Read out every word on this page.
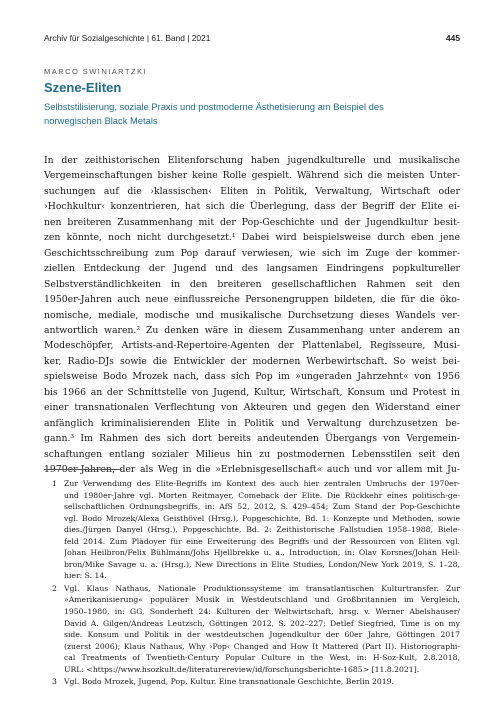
Archiv für Sozialgeschichte | 61. Band | 2021	445
MARCO SWINIARTZKI
Szene-Eliten
Selbststilisierung, soziale Praxis und postmoderne Ästhetisierung am Beispiel des
norwegischen Black Metals
In der zeithistorischen Elitenforschung haben jugendkulturelle und musikalische
Vergemeinschaftungen bisher keine Rolle gespielt. Während sich die meisten Unter-
suchungen auf die ›klassischen‹ Eliten in Politik, Verwaltung, Wirtschaft oder
›Hochkultur‹ konzentrieren, hat sich die Überlegung, dass der Begriff der Elite ei-
nen breiteren Zusammenhang mit der Pop-Geschichte und der Jugendkultur besit-
zen könnte, noch nicht durchgesetzt.¹ Dabei wird beispielsweise durch eben jene
Geschichtsschreibung zum Pop darauf verwiesen, wie sich im Zuge der kommer-
ziellen Entdeckung der Jugend und des langsamen Eindringens popkultureller
Selbstverständlichkeiten in den breiteren gesellschaftlichen Rahmen seit den
1950er-Jahren auch neue einflussreiche Personengruppen bildeten, die für die öko-
nomische, mediale, modische und musikalische Durchsetzung dieses Wandels ver-
antwortlich waren.² Zu denken wäre in diesem Zusammenhang unter anderem an
Modeschöpfer, Artists-and-Repertoire-Agenten der Plattenlabel, Regisseure, Musi-
ker, Radio-DJs sowie die Entwickler der modernen Werbewirtschaft. So weist bei-
spielsweise Bodo Mrozek nach, dass sich Pop im »ungeraden Jahrzehnt« von 1956
bis 1966 an der Schnittstelle von Jugend, Kultur, Wirtschaft, Konsum und Protest in
einer transnationalen Verflechtung von Akteuren und gegen den Widerstand einer
anfänglich kriminalisierenden Elite in Politik und Verwaltung durchzusetzen be-
gann.³ Im Rahmen des sich dort bereits andeutenden Übergangs von Vergemein-
schaftungen entlang sozialer Milieus hin zu postmodernen Lebensstilen seit den
1970er-Jahren, der als Weg in die »Erlebnisgesellschaft« auch und vor allem mit Ju-
1 Zur Verwendung des Elite-Begriffs im Kontext des auch hier zentralen Umbruchs der 1970er-
und 1980er-Jahre vgl. Morten Reitmayer, Comeback der Elite. Die Rückkehr eines politisch-ge-
sellschaftlichen Ordnungsbegriffs, in: AfS 52, 2012, S. 429–454; Zum Stand der Pop-Geschichte
vgl. Bodo Mrozek/Alexa Geisthövel (Hrsg.), Popgeschichte, Bd. 1: Konzepte und Methoden, sowie
dies./Jürgen Danyel (Hrsg.), Popgeschichte, Bd. 2: Zeithistorische Fallstudien 1958–1988, Biele-
feld 2014. Zum Plädoyer für eine Erweiterung des Begriffs und der Ressourcen von Eliten vgl.
Johan Heilbron/Felix Bühlmann/Johs Hjellbrekke u. a., Introduction, in: Olav Korsnes/Johan Heil-
bron/Mike Savage u. a. (Hrsg.), New Directions in Elite Studies, London/New York 2019, S. 1–28,
hier: S. 14.
2 Vgl. Klaus Nathaus, Nationale Produktionssysteme im transatlantischen Kulturtransfer. Zur
»Amerikanisierung« populärer Musik in Westdeutschland und Großbritannien im Vergleich,
1950–1980, in: GG, Sonderheft 24: Kulturen der Weltwirtschaft, hrsg. v. Werner Abelshauser/
David A. Gilgen/Andreas Leutzsch, Göttingen 2012, S. 202–227; Detlef Siegfried, Time is on my
side. Konsum und Politik in der westdeutschen Jugendkultur der 60er Jahre, Göttingen 2017
(zuerst 2006); Klaus Nathaus, Why ›Pop‹ Changed and How It Mattered (Part II). Historiographi-
cal Treatments of Twentieth-Century Popular Culture in the West, in: H-Soz-Kult, 2.8.2018,
URL: <https://www.hsozkult.de/literaturereview/id/forschungsberichte-1685> [11.8.2021].
3 Vgl. Bodo Mrozek, Jugend, Pop, Kultur. Eine transnationale Geschichte, Berlin 2019.
